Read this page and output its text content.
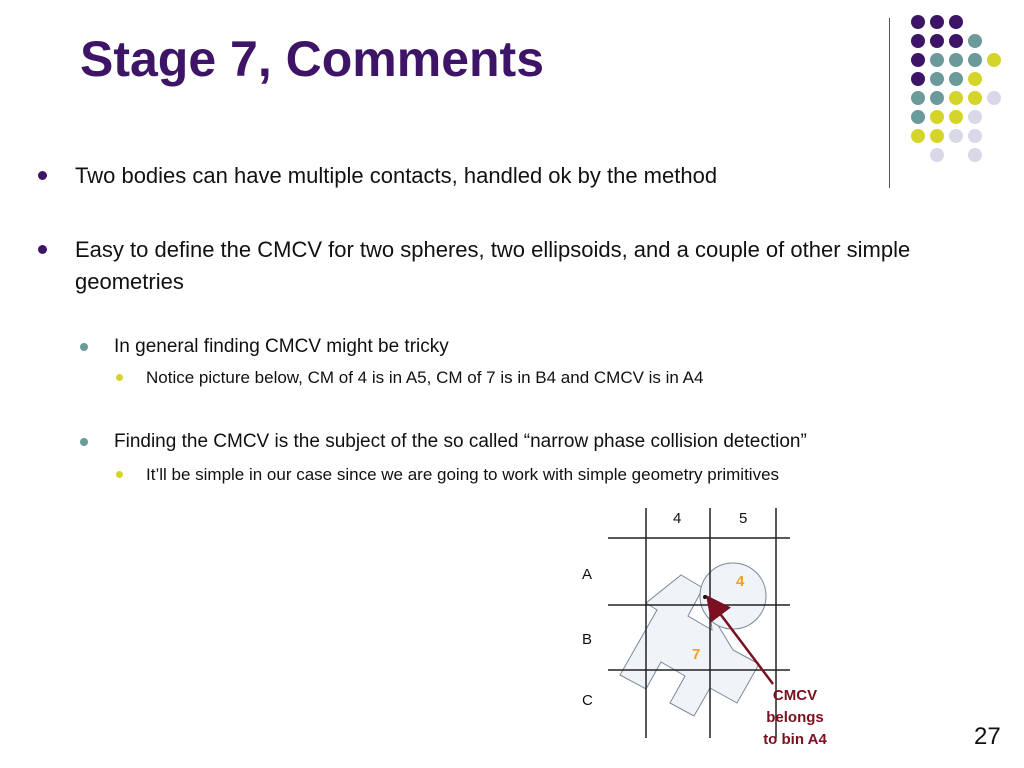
Stage 7, Comments
Two bodies can have multiple contacts, handled ok by the method
Easy to define the CMCV for two spheres, two ellipsoids, and a couple of other simple geometries
In general finding CMCV might be tricky
Notice picture below, CM of 4 is in A5, CM of 7 is in B4 and CMCV is in A4
Finding the CMCV is the subject of the so called “narrow phase collision detection”
It’ll be simple in our case since we are going to work with simple geometry primitives
4	5
A
B
C
4
7
CMCV
belongs
to bin A4	27
